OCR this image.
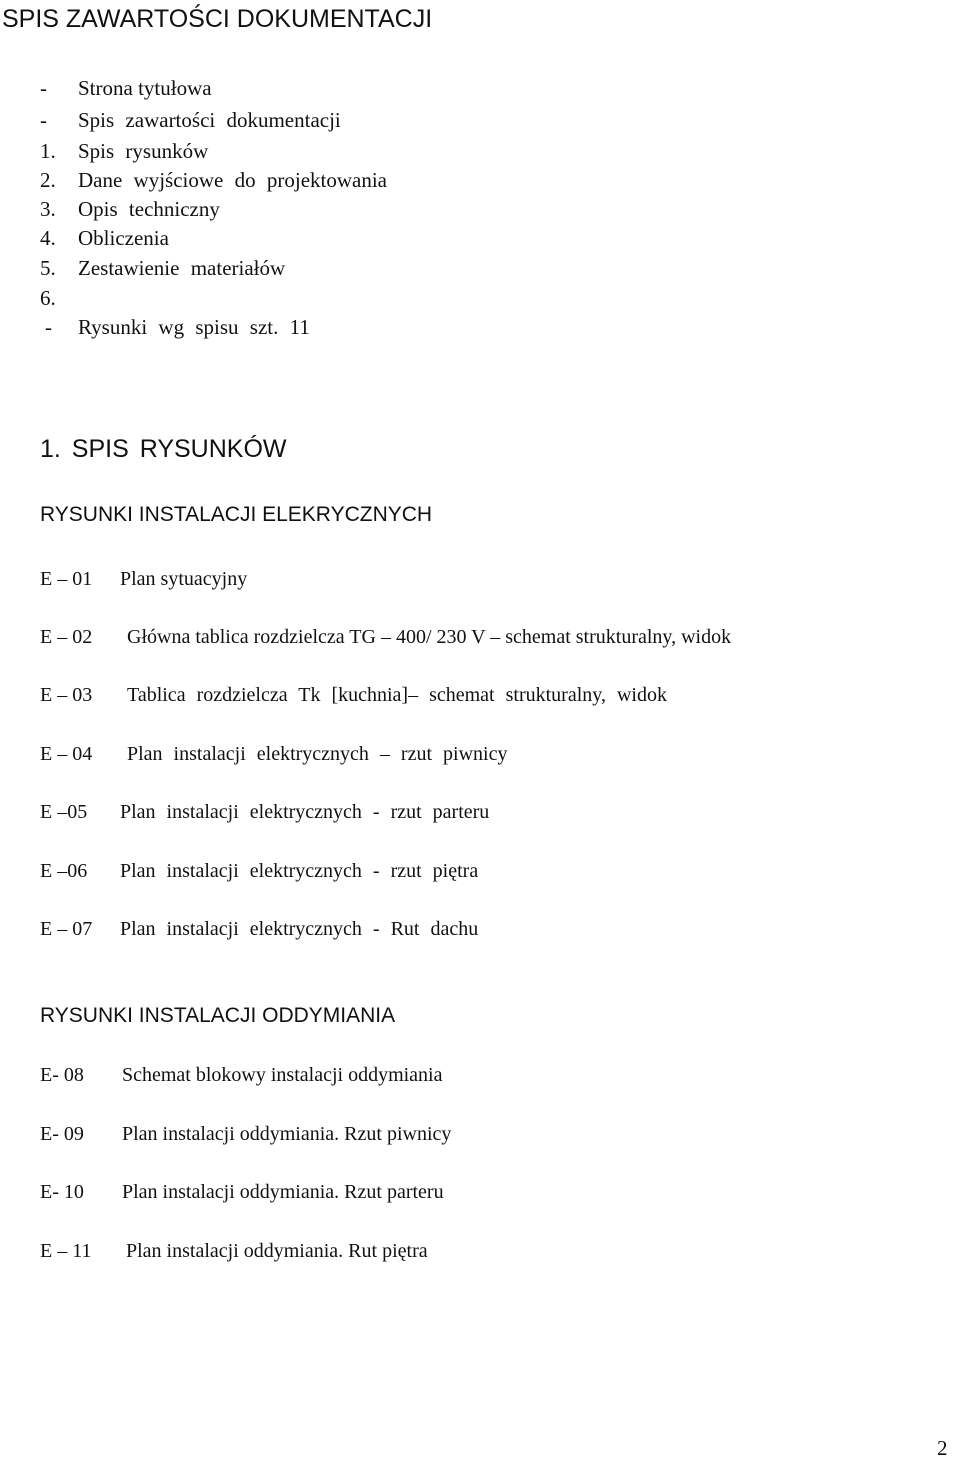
SPIS ZAWARTOŚCI DOKUMENTACJI
- Strona tytułowa
- Spis zawartości dokumentacji
1. Spis rysunków
2. Dane wyjściowe do projektowania
3. Opis techniczny
4. Obliczenia
5. Zestawienie materiałów
6.
- Rysunki wg spisu szt. 11
1. SPIS RYSUNKÓW
RYSUNKI INSTALACJI ELEKRYCZNYCH
E – 01 Plan sytuacyjny
E – 02 Główna tablica rozdzielcza TG – 400/ 230 V – schemat strukturalny, widok
E – 03 Tablica rozdzielcza Tk [kuchnia]– schemat strukturalny, widok
E – 04 Plan instalacji elektrycznych – rzut piwnicy
E –05 Plan instalacji elektrycznych - rzut parteru
E –06 Plan instalacji elektrycznych - rzut piętra
E – 07 Plan instalacji elektrycznych - Rut dachu
RYSUNKI INSTALACJI ODDYMIANIA
E- 08 Schemat blokowy instalacji oddymiania
E- 09 Plan instalacji oddymiania. Rzut piwnicy
E- 10 Plan instalacji oddymiania. Rzut parteru
E – 11 Plan instalacji oddymiania. Rut piętra
2
